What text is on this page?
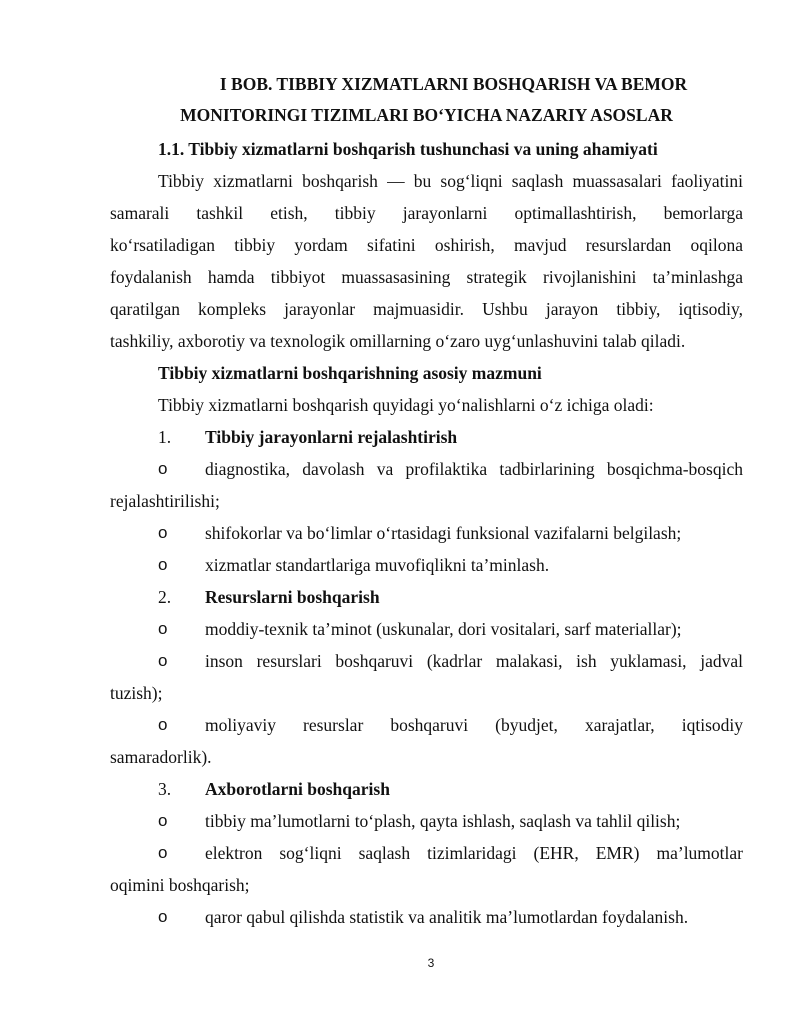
I BOB. TIBBIY XIZMATLARNI BOSHQARISH VA BEMOR
MONITORINGI TIZIMLARI BO‘YICHA NAZARIY ASOSLAR
1.1. Tibbiy xizmatlarni boshqarish tushunchasi va uning ahamiyati
Tibbiy xizmatlarni boshqarish — bu sog‘liqni saqlash muassasalari faoliyatini
samarali tashkil etish, tibbiy jarayonlarni optimallashtirish, bemorlarga
ko‘rsatiladigan tibbiy yordam sifatini oshirish, mavjud resurslardan oqilona
foydalanish hamda tibbiyot muassasasining strategik rivojlanishini ta’minlashga
qaratilgan kompleks jarayonlar majmuasidir. Ushbu jarayon tibbiy, iqtisodiy,
tashkiliy, axborotiy va texnologik omillarning o‘zaro uyg‘unlashuvini talab qiladi.
Tibbiy xizmatlarni boshqarishning asosiy mazmuni
Tibbiy xizmatlarni boshqarish quyidagi yo‘nalishlarni o‘z ichiga oladi:
1. Tibbiy jarayonlarni rejalashtirish
o diagnostika, davolash va profilaktika tadbirlarining bosqichma-bosqich
rejalashtirilishi;
o shifokorlar va bo‘limlar o‘rtasidagi funksional vazifalarni belgilash;
o xizmatlar standartlariga muvofiqlikni ta’minlash.
2. Resurslarni boshqarish
o moddiy-texnik ta’minot (uskunalar, dori vositalari, sarf materiallar);
o inson resurslari boshqaruvi (kadrlar malakasi, ish yuklamasi, jadval
tuzish);
o moliyaviy resurslar boshqaruvi (byudjet, xarajatlar, iqtisodiy
samaradorlik).
3. Axborotlarni boshqarish
o tibbiy ma’lumotlarni to‘plash, qayta ishlash, saqlash va tahlil qilish;
o elektron sog‘liqni saqlash tizimlaridagi (EHR, EMR) ma’lumotlar
oqimini boshqarish;
o qaror qabul qilishda statistik va analitik ma’lumotlardan foydalanish.
3
